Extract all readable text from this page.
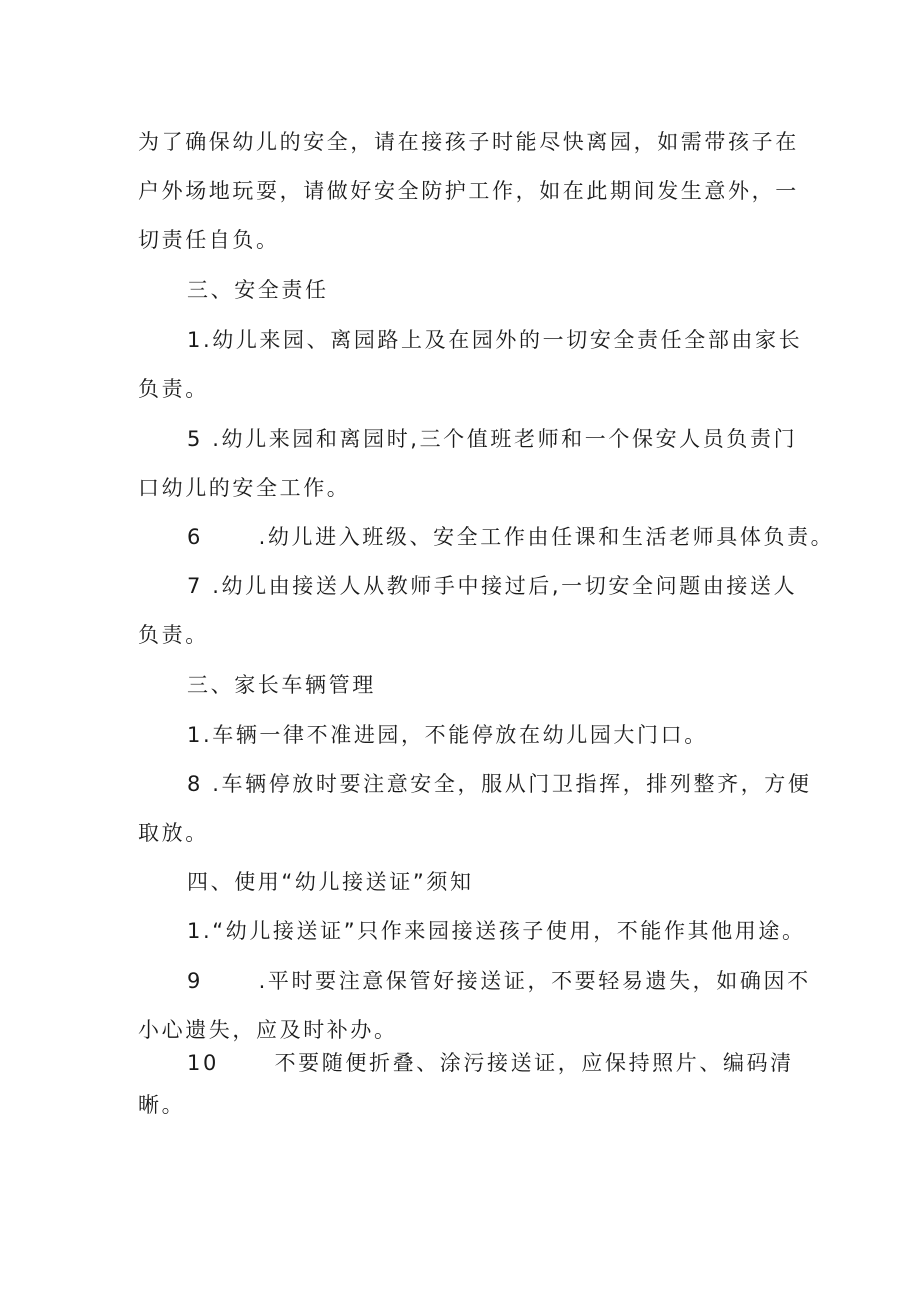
为了确保幼儿的安全，请在接孩子时能尽快离园，如需带孩子在
户外场地玩耍，请做好安全防护工作，如在此期间发生意外，一
切责任自负。
三、安全责任
1.幼儿来园、离园路上及在园外的一切安全责任全部由家长
负责。
5 .幼儿来园和离园时,三个值班老师和一个保安人员负责门
口幼儿的安全工作。
6      .幼儿进入班级、安全工作由任课和生活老师具体负责。
7 .幼儿由接送人从教师手中接过后,一切安全问题由接送人
负责。
三、家长车辆管理
1.车辆一律不准进园，不能停放在幼儿园大门口。
8 .车辆停放时要注意安全，服从门卫指挥，排列整齐，方便
取放。
四、使用“幼儿接送证”须知
1.“幼儿接送证”只作来园接送孩子使用，不能作其他用途。
9      .平时要注意保管好接送证，不要轻易遗失，如确因不
小心遗失，应及时补办。
10      不要随便折叠、涂污接送证，应保持照片、编码清
晰。
